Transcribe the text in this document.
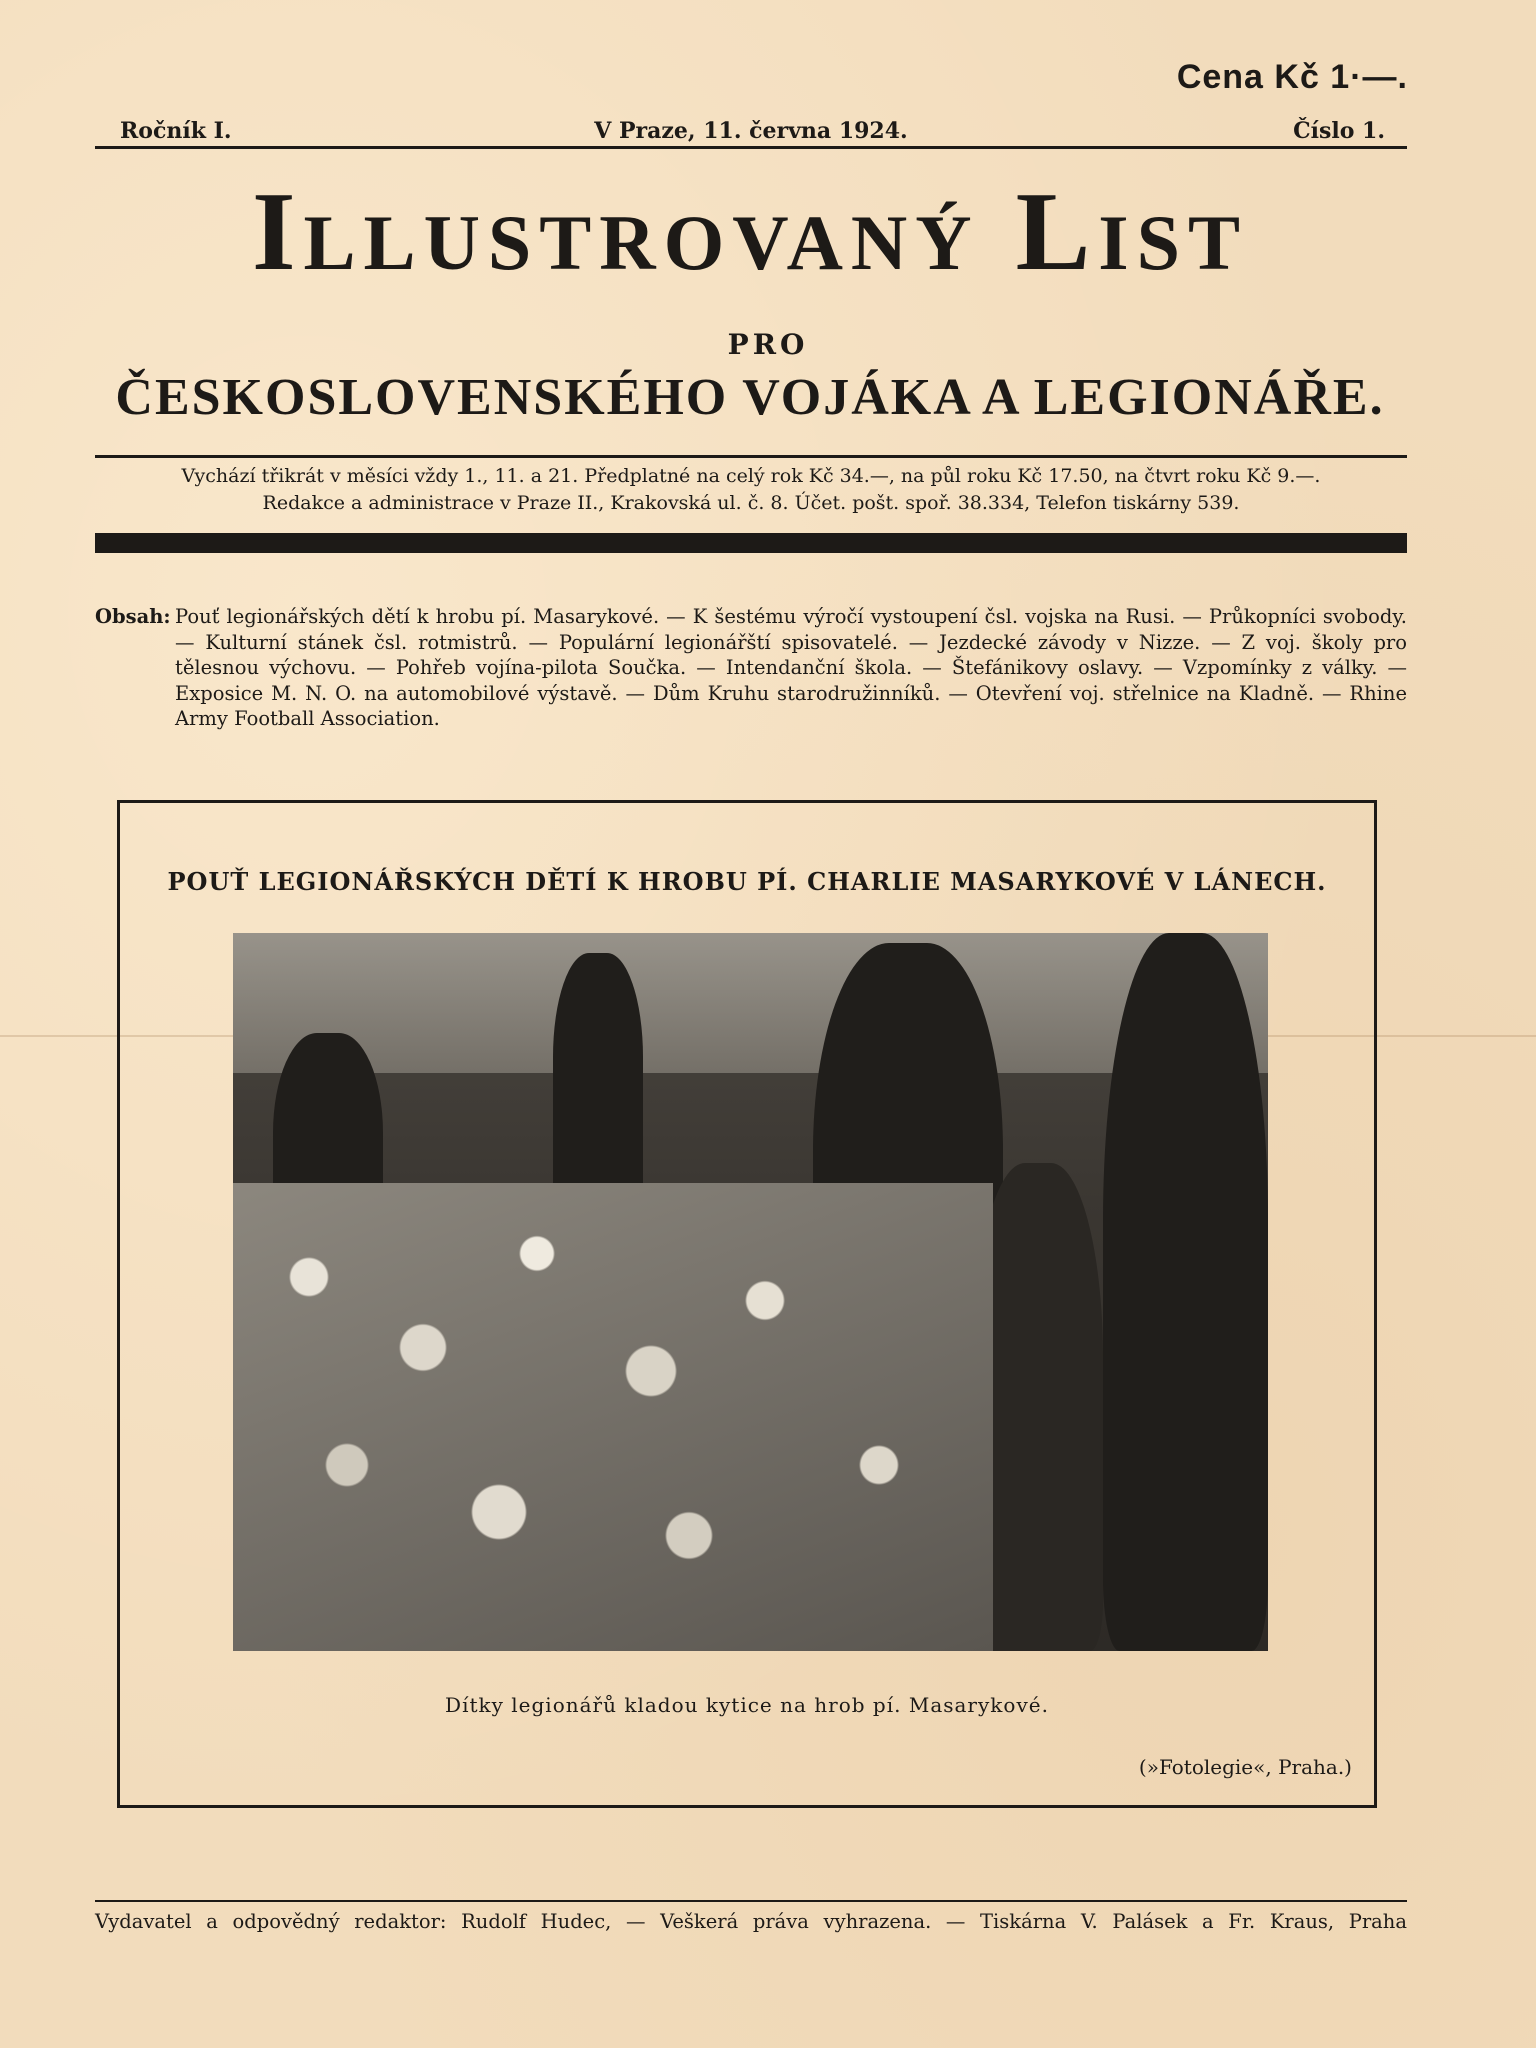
Cena Kč 1·—.
Ročník I.	V Praze, 11. června 1924.	Číslo 1.
Illustrovaný List
PRO
ČESKOSLOVENSKÉHO VOJÁKA A LEGIONÁŘE.

Vychází třikrát v měsíci vždy 1., 11. a 21. Předplatné na celý rok Kč 34.—, na půl roku Kč 17.50, na čtvrt roku Kč 9.—.

Redakce a administrace v Praze II., Krakovská ul. č. 8. Účet. pošt. spoř. 38.334, Telefon tiskárny 539.

Obsah: Pouť legionářských dětí k hrobu pí. Masarykové. — K šestému výročí vystoupení čsl. vojska na Rusi. — Průkopníci svobody. — Kulturní stánek čsl. rotmistrů. — Populární legionářští spisovatelé. — Jezdecké závody v Nizze. — Z voj. školy pro tělesnou výchovu. — Pohřeb vojína-pilota Součka. — Intendanční škola. — Štefánikovy oslavy. — Vzpomínky z války. — Exposice M. N. O. na automobilové výstavě. — Dům Kruhu starodružinníků. — Otevření voj. střelnice na Kladně. — Rhine Army Football Association.
POUŤ LEGIONÁŘSKÝCH DĚTÍ K HROBU PÍ. CHARLIE MASARYKOVÉ V LÁNECH.
Dítky legionářů kladou kytice na hrob pí. Masarykové.
(»Fotolegie«, Praha.)
Vydavatel a odpovědný redaktor: Rudolf Hudec, — Veškerá práva vyhrazena. — Tiskárna V. Palásek a Fr. Kraus, Praha
